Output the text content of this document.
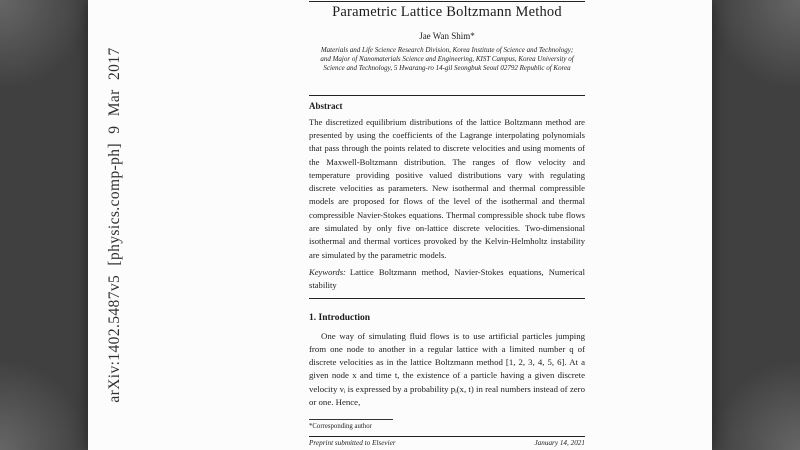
arXiv:1402.5487v5 [physics.comp-ph] 9 Mar 2017
Parametric Lattice Boltzmann Method
Jae Wan Shim*
Materials and Life Science Research Division, Korea Institute of Science and Technology;
and Major of Nanomaterials Science and Engineering, KIST Campus, Korea University of
Science and Technology, 5 Hwarang-ro 14-gil Seongbuk Seoul 02792 Republic of Korea
Abstract
The discretized equilibrium distributions of the lattice Boltzmann method are presented by using the coefficients of the Lagrange interpolating polynomials that pass through the points related to discrete velocities and using moments of the Maxwell-Boltzmann distribution. The ranges of flow velocity and temperature providing positive valued distributions vary with regulating discrete velocities as parameters. New isothermal and thermal compressible models are proposed for flows of the level of the isothermal and thermal compressible Navier-Stokes equations. Thermal compressible shock tube flows are simulated by only five on-lattice discrete velocities. Two-dimensional isothermal and thermal vortices provoked by the Kelvin-Helmholtz instability are simulated by the parametric models.
Keywords: Lattice Boltzmann method, Navier-Stokes equations, Numerical stability
1. Introduction
One way of simulating fluid flows is to use artificial particles jumping from one node to another in a regular lattice with a limited number q of discrete velocities as in the lattice Boltzmann method [1, 2, 3, 4, 5, 6]. At a given node x and time t, the existence of a particle having a given discrete velocity vᵢ is expressed by a probability pᵢ(x, t) in real numbers instead of zero or one. Hence,
*Corresponding author
Preprint submitted to Elsevier	January 14, 2021
